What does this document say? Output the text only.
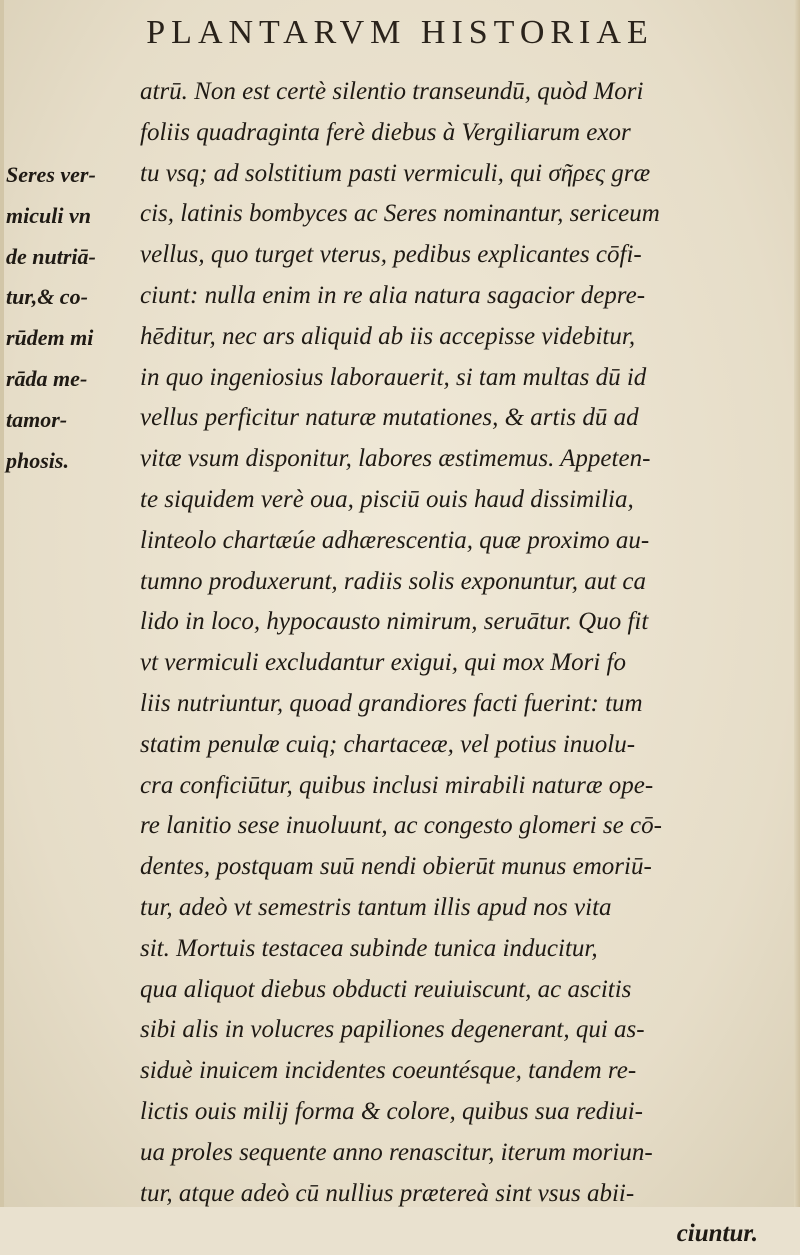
PLANTARVM HISTORIAE
Seres ver-
miculi vn
de nutriā-
tur,& co-
rūdem mi
rāda me-
tamor-
phosis.
atrū. Non est certè silentio transeundū, quòd Mori
foliis quadraginta ferè diebus à Vergiliarum exor
tu vsq; ad solstitium pasti vermiculi, qui σῆρες græ
cis, latinis bombyces ac Seres nominantur, sericeum
vellus, quo turget vterus, pedibus explicantes cōfi-
ciunt: nulla enim in re alia natura sagacior depre-
hēditur, nec ars aliquid ab iis accepisse videbitur,
in quo ingeniosius laborauerit, si tam multas dū id
vellus perficitur naturæ mutationes, & artis dū ad
vitæ vsum disponitur, labores æstimemus. Appeten-
te siquidem verè oua, pisciū ouis haud dissimilia,
linteolo chartæúe adhærescentia, quæ proximo au-
tumno produxerunt, radiis solis exponuntur, aut ca
lido in loco, hypocausto nimirum, seruātur. Quo fit
vt vermiculi excludantur exigui, qui mox Mori fo
liis nutriuntur, quoad grandiores facti fuerint: tum
statim penulæ cuiq; chartaceæ, vel potius inuolu-
cra conficiūtur, quibus inclusi mirabili naturæ ope-
re lanitio sese inuoluunt, ac congesto glomeri se cō-
dentes, postquam suū nendi obierūt munus emoriū-
tur, adeò vt semestris tantum illis apud nos vita
sit. Mortuis testacea subinde tunica inducitur,
qua aliquot diebus obducti reuiuiscunt, ac ascitis
sibi alis in volucres papiliones degenerant, qui as-
siduè inuicem incidentes coeuntésque, tandem re-
lictis ouis milij forma & colore, quibus sua rediui-
ua proles sequente anno renascitur, iterum moriun-
tur, atque adeò cū nullius prætereà sint vsus abii-
ciuntur.
